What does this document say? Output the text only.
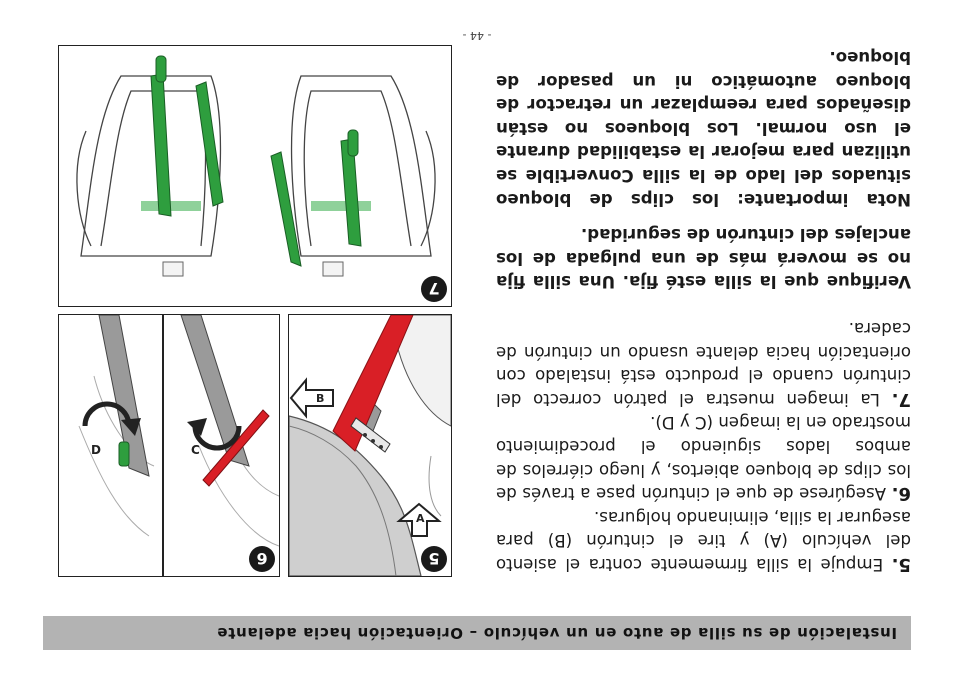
Instalación de su silla de auto en un vehículo – Orientación hacia adelante

5. Empuje la silla firmemente contra el asiento del vehículo (A) y tire el cinturón (B) para asegurar la silla, eliminando holguras.

6. Asegúrese de que el cinturón pase a través de los clips de bloqueo abiertos, y luego ciérrelos de ambos lados siguiendo el procedimiento mostrado en la imagen (C y D).

7. La imagen muestra el patrón correcto del cinturón cuando el producto está instalado con orientación hacia delante usando un cinturón de cadera.

Verifique que la silla esté fija. Una silla fija no se moverá más de una pulgada de los anclajes del cinturón de seguridad.

Nota importante: los clips de bloqueo situados del lado de la silla Convertible se utilizan para mejorar la estabilidad durante el uso normal. Los bloqueos no están diseñados para reemplazar un retractor de bloqueo automático ni un pasador de bloqueo.

A
B
5
C
D
6
7
- 44 -
